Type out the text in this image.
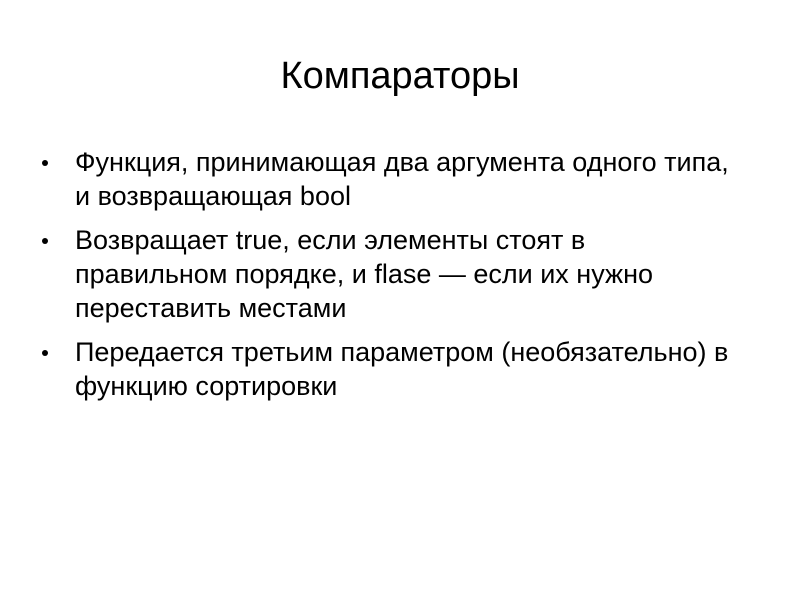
Компараторы
Функция, принимающая два аргумента одного типа, и возвращающая bool
Возвращает true, если элементы стоят в правильном порядке, и flase — если их нужно переставить местами
Передается третьим параметром (необязательно) в функцию сортировки
